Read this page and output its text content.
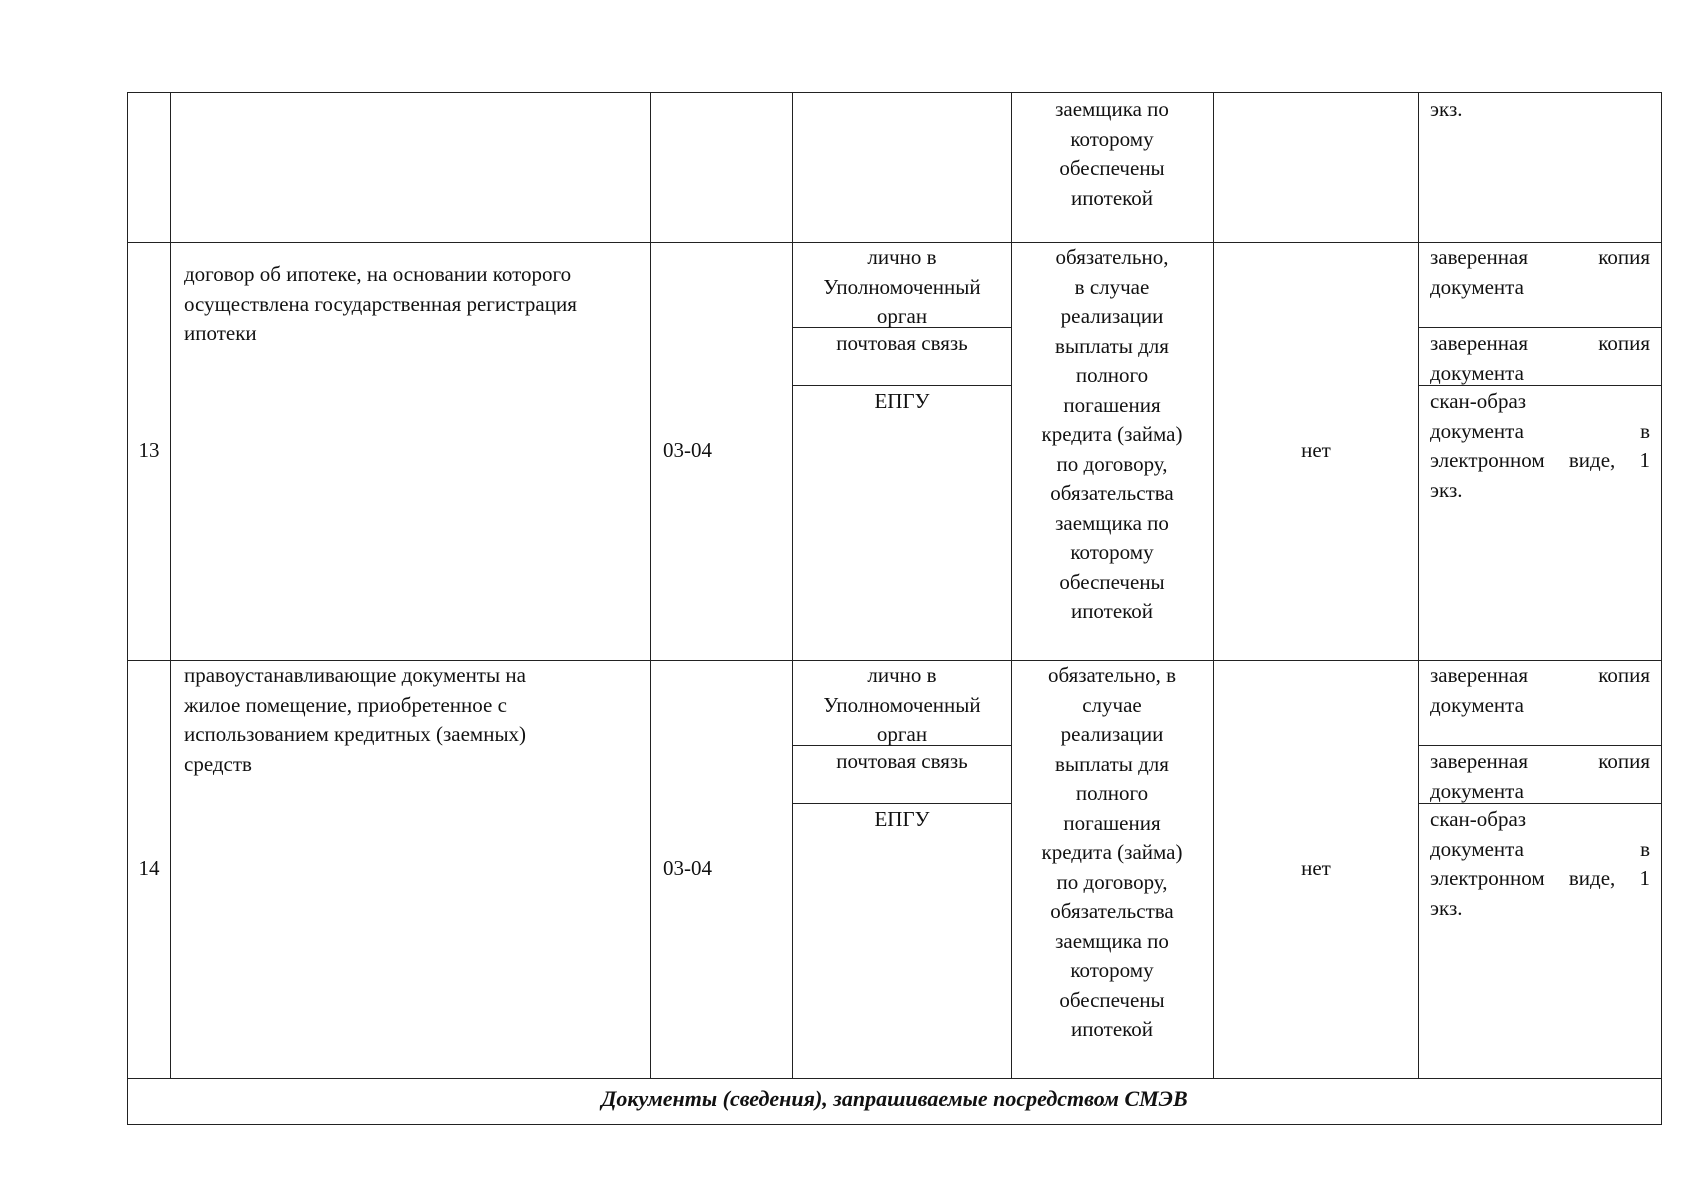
заемщика по
которому
обеспечены
ипотекой
экз.
13
договор об ипотеке, на основании которого
осуществлена государственная регистрация
ипотеки
03-04
лично в
Уполномоченный
орган
почтовая связь
ЕПГУ
обязательно,
в случае
реализации
выплаты для
полного
погашения
кредита (займа)
по договору,
обязательства
заемщика по
которому
обеспечены
ипотекой
нет
заверенная копия
документа
заверенная копия
документа
скан-образ
документа в
электронном виде, 1
экз.
14
правоустанавливающие документы на
жилое помещение, приобретенное с
использованием кредитных (заемных)
средств
03-04
лично в
Уполномоченный
орган
почтовая связь
ЕПГУ
обязательно, в
случае
реализации
выплаты для
полного
погашения
кредита (займа)
по договору,
обязательства
заемщика по
которому
обеспечены
ипотекой
нет
заверенная копия
документа
заверенная копия
документа
скан-образ
документа в
электронном виде, 1
экз.
Документы (сведения), запрашиваемые посредством СМЭВ
